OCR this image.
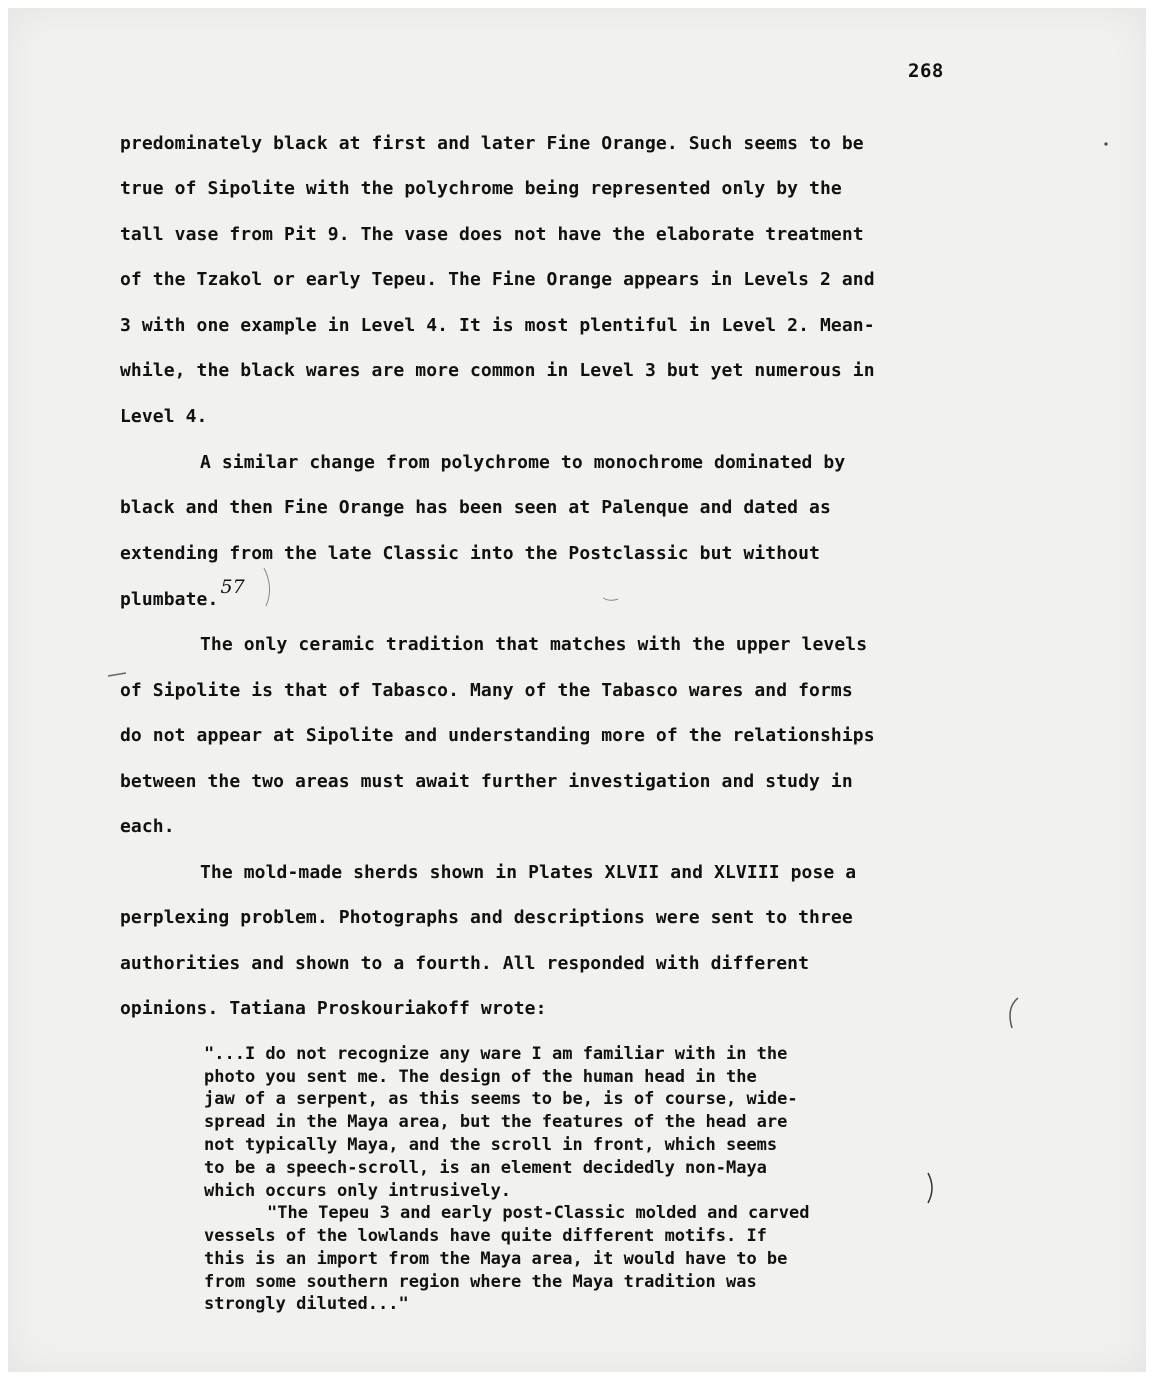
268
predominately black at first and later Fine Orange. Such seems to be
true of Sipolite with the polychrome being represented only by the
tall vase from Pit 9. The vase does not have the elaborate treatment
of the Tzakol or early Tepeu. The Fine Orange appears in Levels 2 and
3 with one example in Level 4. It is most plentiful in Level 2. Mean-
while, the black wares are more common in Level 3 but yet numerous in
Level 4.
A similar change from polychrome to monochrome dominated by
black and then Fine Orange has been seen at Palenque and dated as
extending from the late Classic into the Postclassic but without
plumbate.57
The only ceramic tradition that matches with the upper levels
of Sipolite is that of Tabasco. Many of the Tabasco wares and forms
do not appear at Sipolite and understanding more of the relationships
between the two areas must await further investigation and study in
each.
The mold-made sherds shown in Plates XLVII and XLVIII pose a
perplexing problem. Photographs and descriptions were sent to three
authorities and shown to a fourth. All responded with different
opinions. Tatiana Proskouriakoff wrote:
"...I do not recognize any ware I am familiar with in the
photo you sent me. The design of the human head in the
jaw of a serpent, as this seems to be, is of course, wide-
spread in the Maya area, but the features of the head are
not typically Maya, and the scroll in front, which seems
to be a speech-scroll, is an element decidedly non-Maya
which occurs only intrusively.
"The Tepeu 3 and early post-Classic molded and carved
vessels of the lowlands have quite different motifs. If
this is an import from the Maya area, it would have to be
from some southern region where the Maya tradition was
strongly diluted..."
